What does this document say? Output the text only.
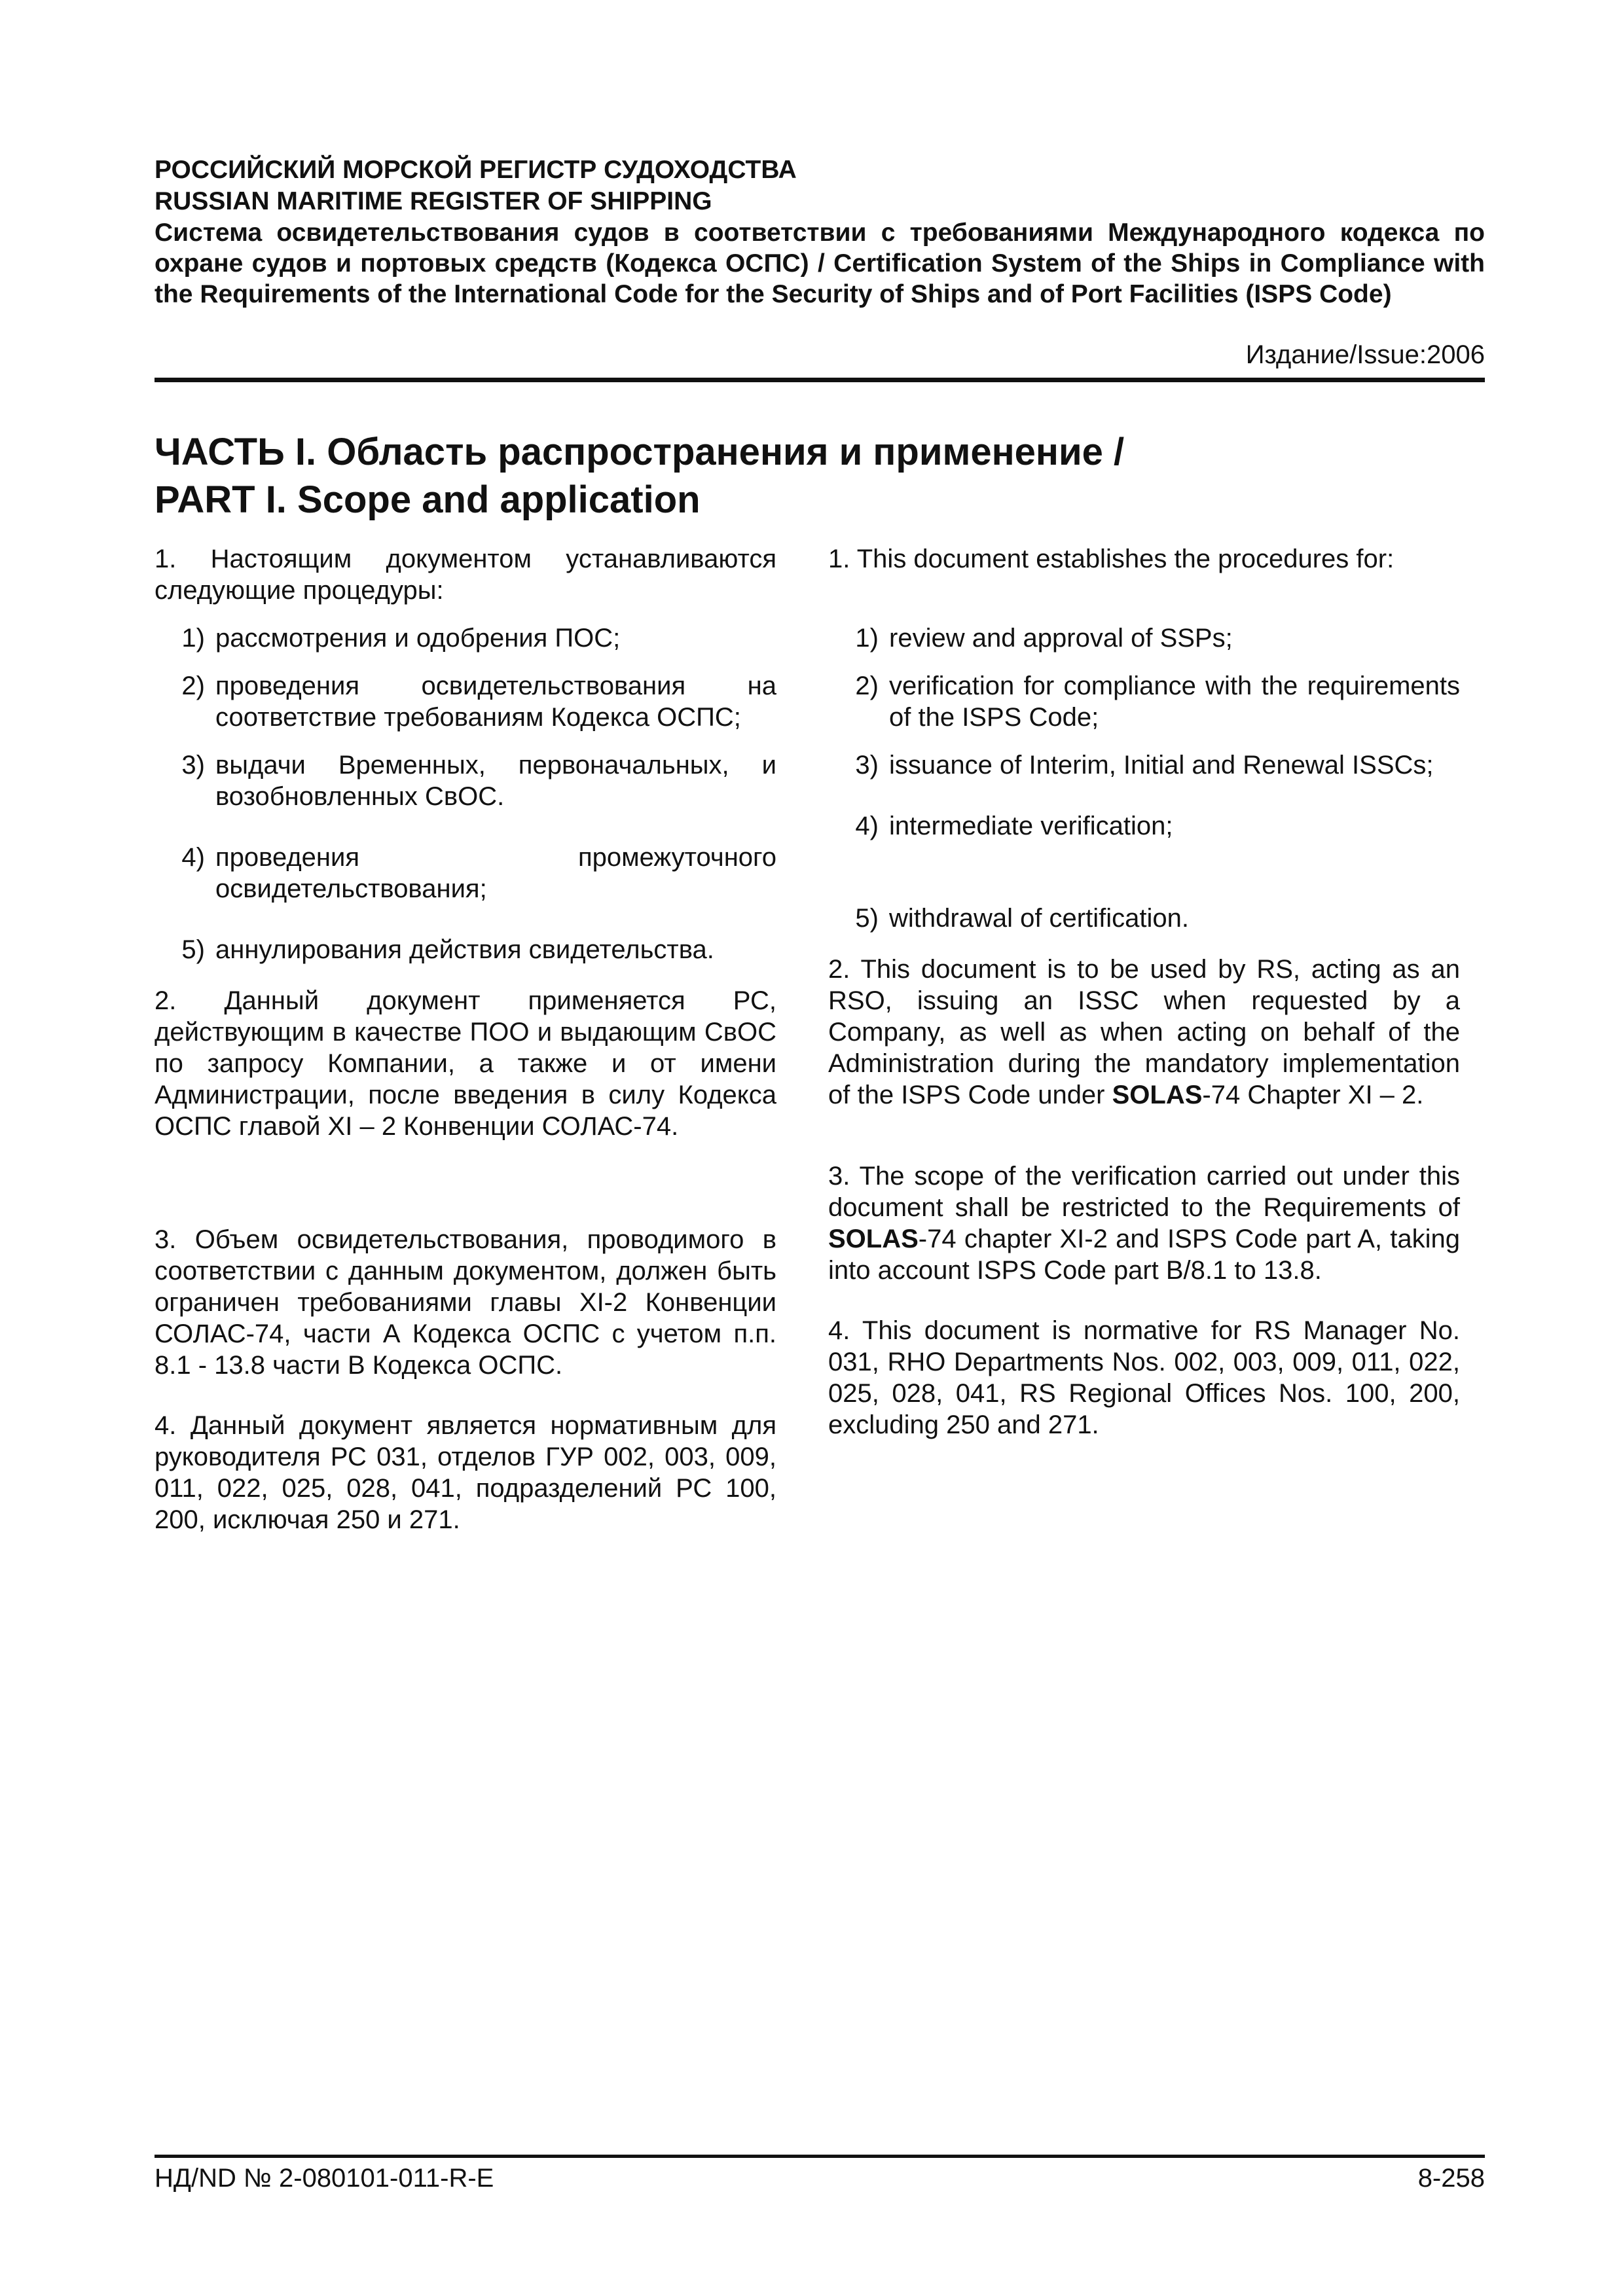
РОССИЙСКИЙ МОРСКОЙ РЕГИСТР СУДОХОДСТВА
RUSSIAN MARITIME REGISTER OF SHIPPING
Система освидетельствования судов в соответствии с требованиями Международного кодекса по охране судов и портовых средств (Кодекса ОСПС) / Certification System of the Ships in Compliance with the Requirements of the International Code for the Security of Ships and of Port Facilities (ISPS Code)
Издание/Issue:2006
ЧАСТЬ I. Область распространения и применение /
PART I. Scope and application

1. Настоящим документом устанавливаются следующие процедуры:

1) рассмотрения и одобрения ПОС;
2) проведения освидетельствования на соответствие требованиям Кодекса ОСПС;
3) выдачи Временных, первоначальных, и возобновленных СвОС.
4) проведения промежуточного освидетельствования;
5) аннулирования действия свидетельства.

2. Данный документ применяется РС, действующим в качестве ПОО и выдающим СвОС по запросу Компании, а также и от имени Администрации, после введения в силу Кодекса ОСПС главой XI – 2 Конвенции СОЛАС-74.

3. Объем освидетельствования, проводимого в соответствии с данным документом, должен быть ограничен требованиями главы XI-2 Конвенции СОЛАС-74, части А Кодекса ОСПС с учетом п.п. 8.1 - 13.8 части В Кодекса ОСПС.

4. Данный документ является нормативным для руководителя РС 031, отделов ГУР 002, 003, 009, 011, 022, 025, 028, 041, подразделений РС 100, 200, исключая 250 и 271.

1. This document establishes the procedures for:

1) review and approval of SSPs;
2) verification for compliance with the requirements of the ISPS Code;
3) issuance of Interim, Initial and Renewal ISSCs;
4) intermediate verification;
5) withdrawal of certification.

2. This document is to be used by RS, acting as an RSO, issuing an ISSC when requested by a Company, as well as when acting on behalf of the Administration during the mandatory implementation of the ISPS Code under SOLAS-74 Chapter XI – 2.

3. The scope of the verification carried out under this document shall be restricted to the Requirements of SOLAS-74 chapter XI-2 and ISPS Code part A, taking into account ISPS Code part B/8.1 to 13.8.

4. This document is normative for RS Manager No. 031, RHO Departments Nos. 002, 003, 009, 011, 022, 025, 028, 041, RS Regional Offices Nos. 100, 200, excluding 250 and 271.

НД/ND № 2-080101-011-R-E	8-258
